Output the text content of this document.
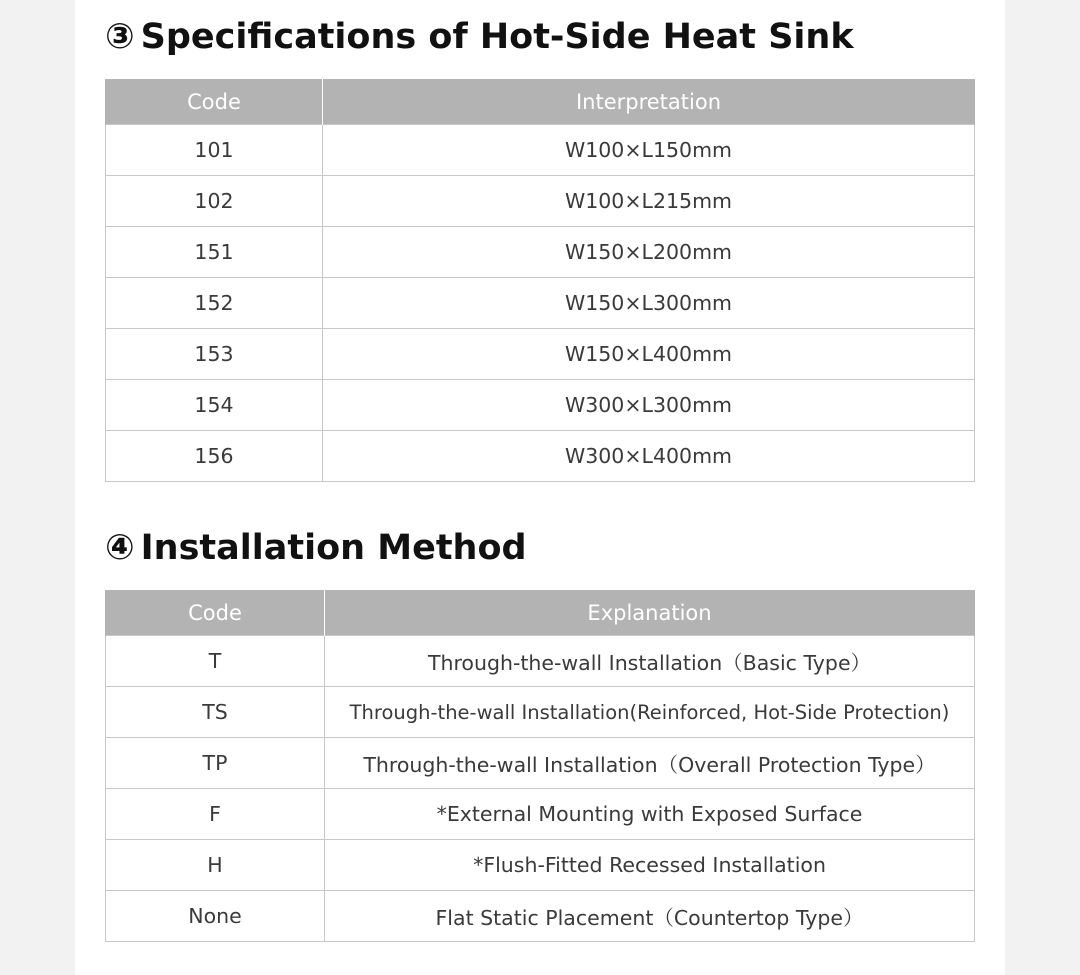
③ Specifications of Hot-Side Heat Sink
Code	Interpretation
101	W100×L150mm
102	W100×L215mm
151	W150×L200mm
152	W150×L300mm
153	W150×L400mm
154	W300×L300mm
156	W300×L400mm
④ Installation Method
Code	Explanation
T	Through-the-wall Installation（Basic Type）
TS	Through-the-wall Installation(Reinforced, Hot-Side Protection)
TP	Through-the-wall Installation（Overall Protection Type）
F	*External Mounting with Exposed Surface
H	*Flush-Fitted Recessed Installation
None	Flat Static Placement（Countertop Type）
